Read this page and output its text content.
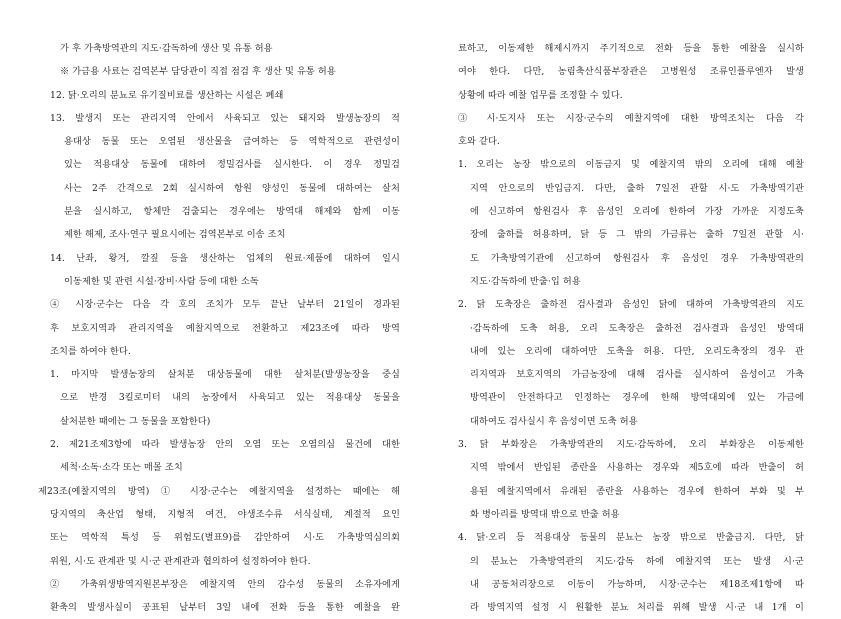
가 후 가축방역관의 지도·감독하에 생산 및 유통 허용
※ 가금용 사료는 검역본부 담당관이 직접 점검 후 생산 및 유통 허용
12. 닭·오리의 분뇨로 유기질비료를 생산하는 시설은 폐쇄
13. 발생지 또는 관리지역 안에서 사육되고 있는 돼지와 발생농장의 적
용대상 동물 또는 오염된 생산물을 급여하는 등 역학적으로 관련성이
있는 적용대상 동물에 대하여 정밀검사를 실시한다. 이 경우 정밀검
사는 2주 간격으로 2회 실시하여 항원 양성인 동물에 대하여는 살처
분을 실시하고, 항체만 검출되는 경우에는 방역대 해제와 함께 이동
제한 해제, 조사·연구 필요시에는 검역본부로 이송 조치
14. 난좌, 왕겨, 깔짚 등을 생산하는 업체의 원료·제품에 대하여 일시
이동제한 및 관련 시설·장비·사람 등에 대한 소독
④ 시장·군수는 다음 각 호의 조치가 모두 끝난 날부터 21일이 경과된
후 보호지역과 관리지역을 예찰지역으로 전환하고 제23조에 따라 방역
조치를 하여야 한다.
1. 마지막 발생농장의 살처분 대상동물에 대한 살처분(발생농장을 중심
으로 반경 3킬로미터 내의 농장에서 사육되고 있는 적용대상 동물을
살처분한 때에는 그 동물을 포함한다)
2. 제21조제3항에 따라 발생농장 안의 오염 또는 오염의심 물건에 대한
세척·소독·소각 또는 매몰 조치
제23조(예찰지역의 방역) ① 시장·군수는 예찰지역을 설정하는 때에는 해
당지역의 축산업 형태, 지형적 여건, 야생조수류 서식실태, 계절적 요인
또는 역학적 특성 등 위험도(별표9)를 감안하여 시·도 가축방역심의회
위원, 시·도 관계관 및 시·군 관계관과 협의하여 설정하여야 한다.
② 가축위생방역지원본부장은 예찰지역 안의 감수성 동물의 소유자에게
환축의 발생사실이 공표된 날부터 3일 내에 전화 등을 통한 예찰을 완
료하고, 이동제한 해제시까지 주기적으로 전화 등을 통한 예찰을 실시하
여야 한다. 다만, 농림축산식품부장관은 고병원성 조류인플루엔자 발생
상황에 따라 예찰 업무를 조정할 수 있다.
③ 시·도지사 또는 시장·군수의 예찰지역에 대한 방역조치는 다음 각
호와 같다.
1. 오리는 농장 밖으로의 이동금지 및 예찰지역 밖의 오리에 대해 예찰
지역 안으로의 반입금지. 다만, 출하 7일전 관할 시·도 가축방역기관
에 신고하여 항원검사 후 음성인 오리에 한하여 가장 가까운 지정도축
장에 출하를 허용하며, 닭 등 그 밖의 가금류는 출하 7일전 관할 시·
도 가축방역기관에 신고하여 항원검사 후 음성인 경우 가축방역관의
지도·감독하에 반출·입 허용
2. 닭 도축장은 출하전 검사결과 음성인 닭에 대하여 가축방역관의 지도
·감독하에 도축 허용, 오리 도축장은 출하전 검사결과 음성인 방역대
내에 있는 오리에 대하여만 도축을 허용. 다만, 오리도축장의 경우 관
리지역과 보호지역의 가금농장에 대해 검사를 실시하여 음성이고 가축
방역관이 안전하다고 인정하는 경우에 한해 방역대외에 있는 가금에
대하여도 검사실시 후 음성이면 도축 허용
3. 닭 부화장은 가축방역관의 지도·감독하에, 오리 부화장은 이동제한
지역 밖에서 반입된 종란을 사용하는 경우와 제5호에 따라 반출이 허
용된 예찰지역에서 유래된 종란을 사용하는 경우에 한하여 부화 및 부
화 병아리를 방역대 밖으로 반출 허용
4. 닭·오리 등 적용대상 동물의 분뇨는 농장 밖으로 반출금지. 다만, 닭
의 분뇨는 가축방역관의 지도·감독 하에 예찰지역 또는 발생 시·군
내 공동처리장으로 이동이 가능하며, 시장·군수는 제18조제1항에 따
라 방역지역 설정 시 원활한 분뇨 처리를 위해 발생 시·군 내 1개 이
